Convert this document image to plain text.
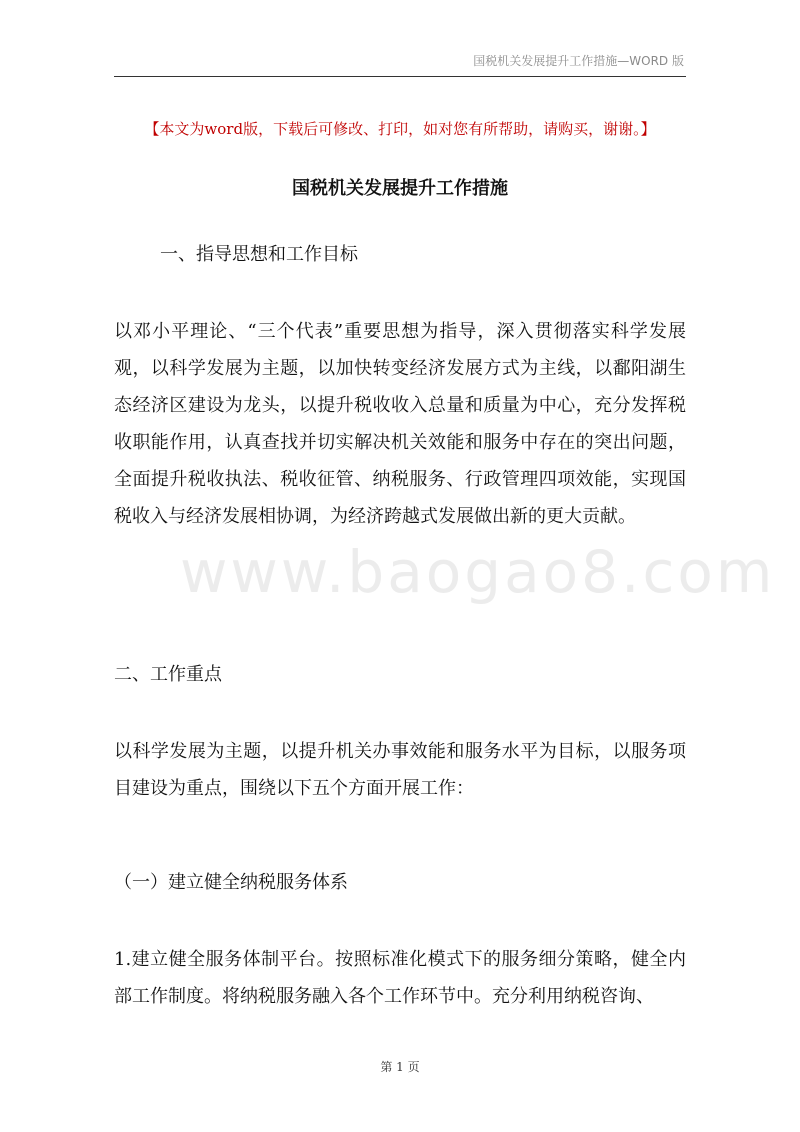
国税机关发展提升工作措施—WORD 版
www.baogao8.com
【本文为word版，下载后可修改、打印，如对您有所帮助，请购买，谢谢。】
国税机关发展提升工作措施
一、指导思想和工作目标

以邓小平理论、“三个代表”重要思想为指导，深入贯彻落实科学发展观，以科学发展为主题，以加快转变经济发展方式为主线，以鄱阳湖生态经济区建设为龙头，以提升税收收入总量和质量为中心，充分发挥税收职能作用，认真查找并切实解决机关效能和服务中存在的突出问题，全面提升税收执法、税收征管、纳税服务、行政管理四项效能，实现国税收入与经济发展相协调，为经济跨越式发展做出新的更大贡献。

二、工作重点

以科学发展为主题，以提升机关办事效能和服务水平为目标，以服务项目建设为重点，围绕以下五个方面开展工作：

（一）建立健全纳税服务体系

1.建立健全服务体制平台。按照标准化模式下的服务细分策略，健全内部工作制度。将纳税服务融入各个工作环节中。充分利用纳税咨询、

第 1 页
